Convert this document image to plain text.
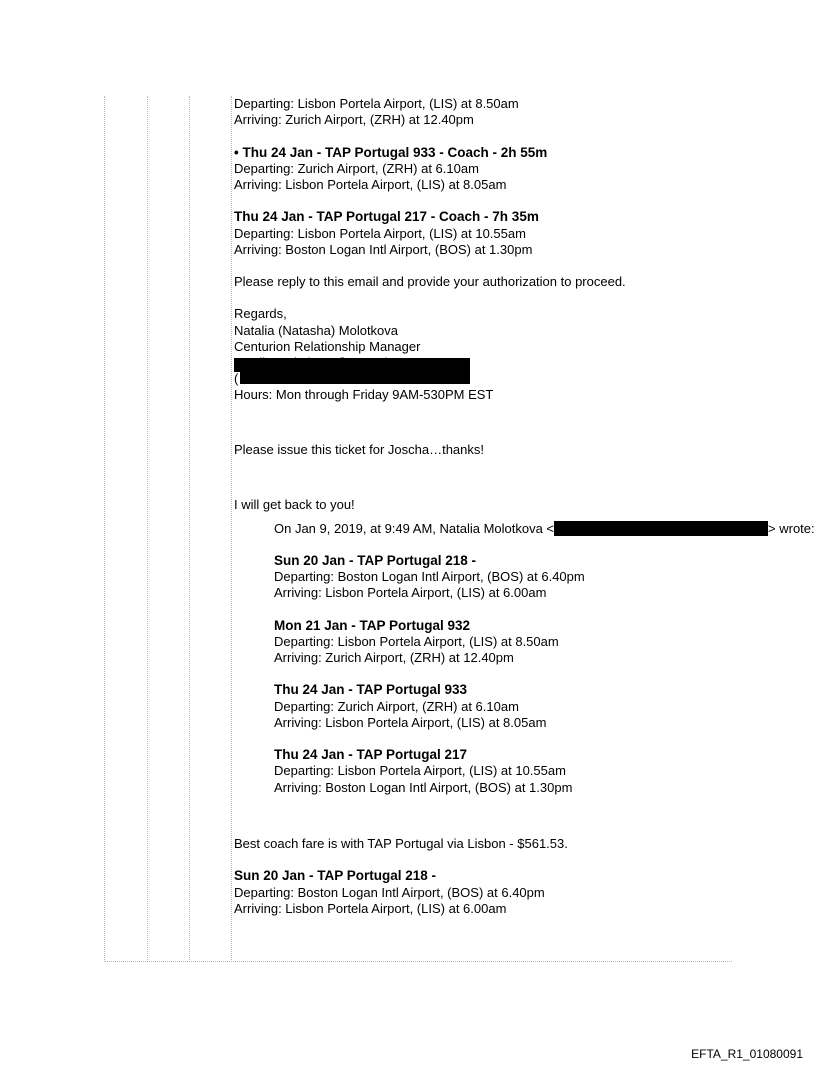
Departing: Lisbon Portela Airport, (LIS) at 8.50am
Arriving: Zurich Airport, (ZRH) at 12.40pm
• Thu 24 Jan - TAP Portugal 933 - Coach - 2h 55m
Departing: Zurich Airport, (ZRH) at 6.10am
Arriving: Lisbon Portela Airport, (LIS) at 8.05am
Thu 24 Jan - TAP Portugal 217 - Coach - 7h 35m
Departing: Lisbon Portela Airport, (LIS) at 10.55am
Arriving: Boston Logan Intl Airport, (BOS) at 1.30pm
Please reply to this email and provide your authorization to proceed.
Regards,
Natalia (Natasha) Molotkova
Centurion Relationship Manager
(
Hours: Mon through Friday 9AM-530PM EST
Please issue this ticket for Joscha…thanks!
I will get back to you!
On Jan 9, 2019, at 9:49 AM, Natalia Molotkova <	> wrote:
Sun 20 Jan - TAP Portugal 218 -
Departing: Boston Logan Intl Airport, (BOS) at 6.40pm
Arriving: Lisbon Portela Airport, (LIS) at 6.00am
Mon 21 Jan - TAP Portugal 932
Departing: Lisbon Portela Airport, (LIS) at 8.50am
Arriving: Zurich Airport, (ZRH) at 12.40pm
Thu 24 Jan - TAP Portugal 933
Departing: Zurich Airport, (ZRH) at 6.10am
Arriving: Lisbon Portela Airport, (LIS) at 8.05am
Thu 24 Jan - TAP Portugal 217
Departing: Lisbon Portela Airport, (LIS) at 10.55am
Arriving: Boston Logan Intl Airport, (BOS) at 1.30pm
Best coach fare is with TAP Portugal via Lisbon - $561.53.
Sun 20 Jan - TAP Portugal 218 -
Departing: Boston Logan Intl Airport, (BOS) at 6.40pm
Arriving: Lisbon Portela Airport, (LIS) at 6.00am
EFTA_R1_01080091
